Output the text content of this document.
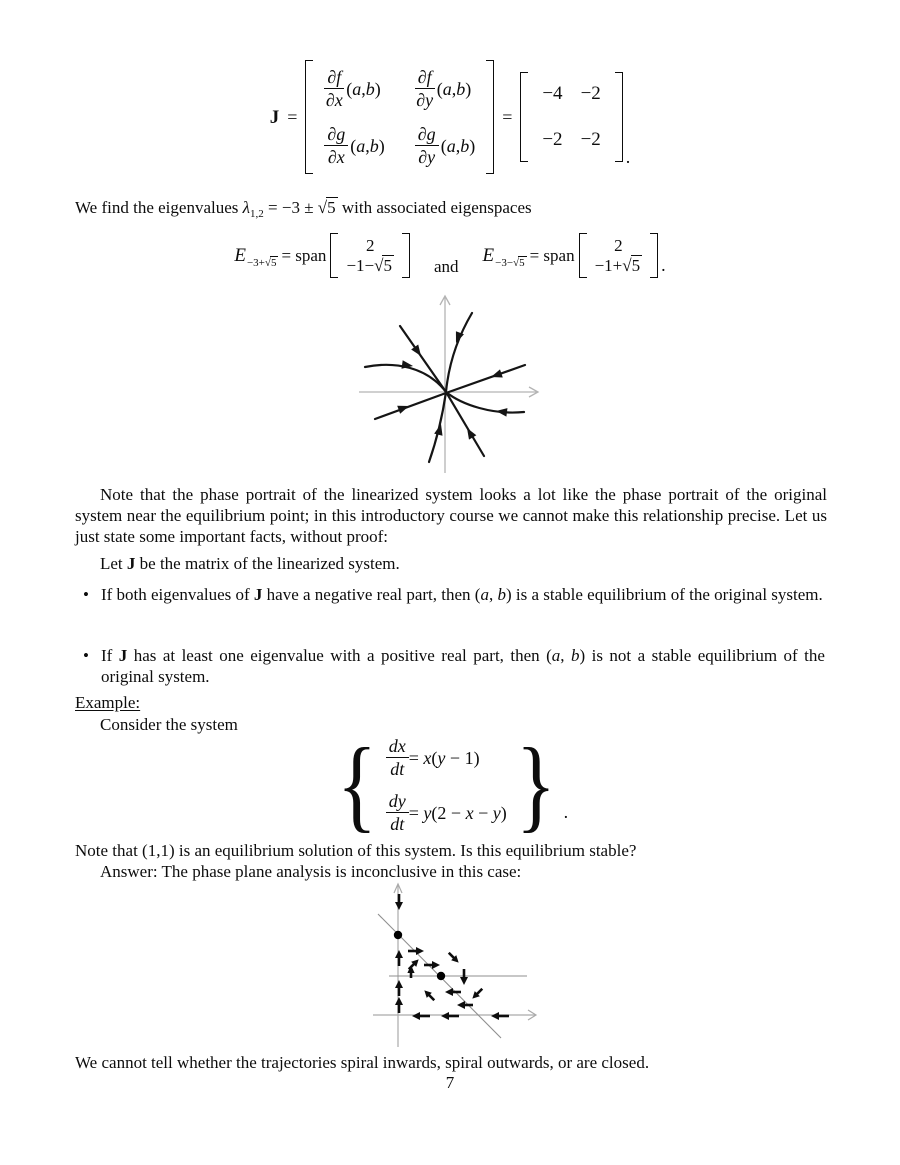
J =
$\frac{\partial f}{\partial x} (a,b) \frac{\partial f}{\partial y} (a,b)$
$\frac{\partial g}{\partial x} (a,b) \frac{\partial g}{\partial y} (a,b)$
=
−4 −2
−2 −2
.
We find the eigenvalues $\lambda_{1,2} = -3 \pm √5$ with associated eigenspaces
E −3+√5 = span
2
−1−√5 and
E −3−√5 = span
2
−1+√5 .
Note that the phase portrait of the linearized system looks a lot like the phase portrait of the original system near the equilibrium point; in this introductory course we cannot make this relationship precise. Let us just state some important facts, without proof:
Let J be the matrix of the linearized system.
• If both eigenvalues of J have a negative real part, then (a, b) is a stable equilibrium of the original system.
• If J has at least one eigenvalue with a positive real part, then (a, b) is not a stable equilibrium of the original system.
Example:
Consider the system
{ $\frac{dx}{dt} = x(y - 1)$
$\frac{dy}{dt} = y(2 - x - y)$ } .
Note that (1,1) is an equilibrium solution of this system. Is this equilibrium stable?
Answer: The phase plane analysis is inconclusive in this case:
We cannot tell whether the trajectories spiral inwards, spiral outwards, or are closed.
7
